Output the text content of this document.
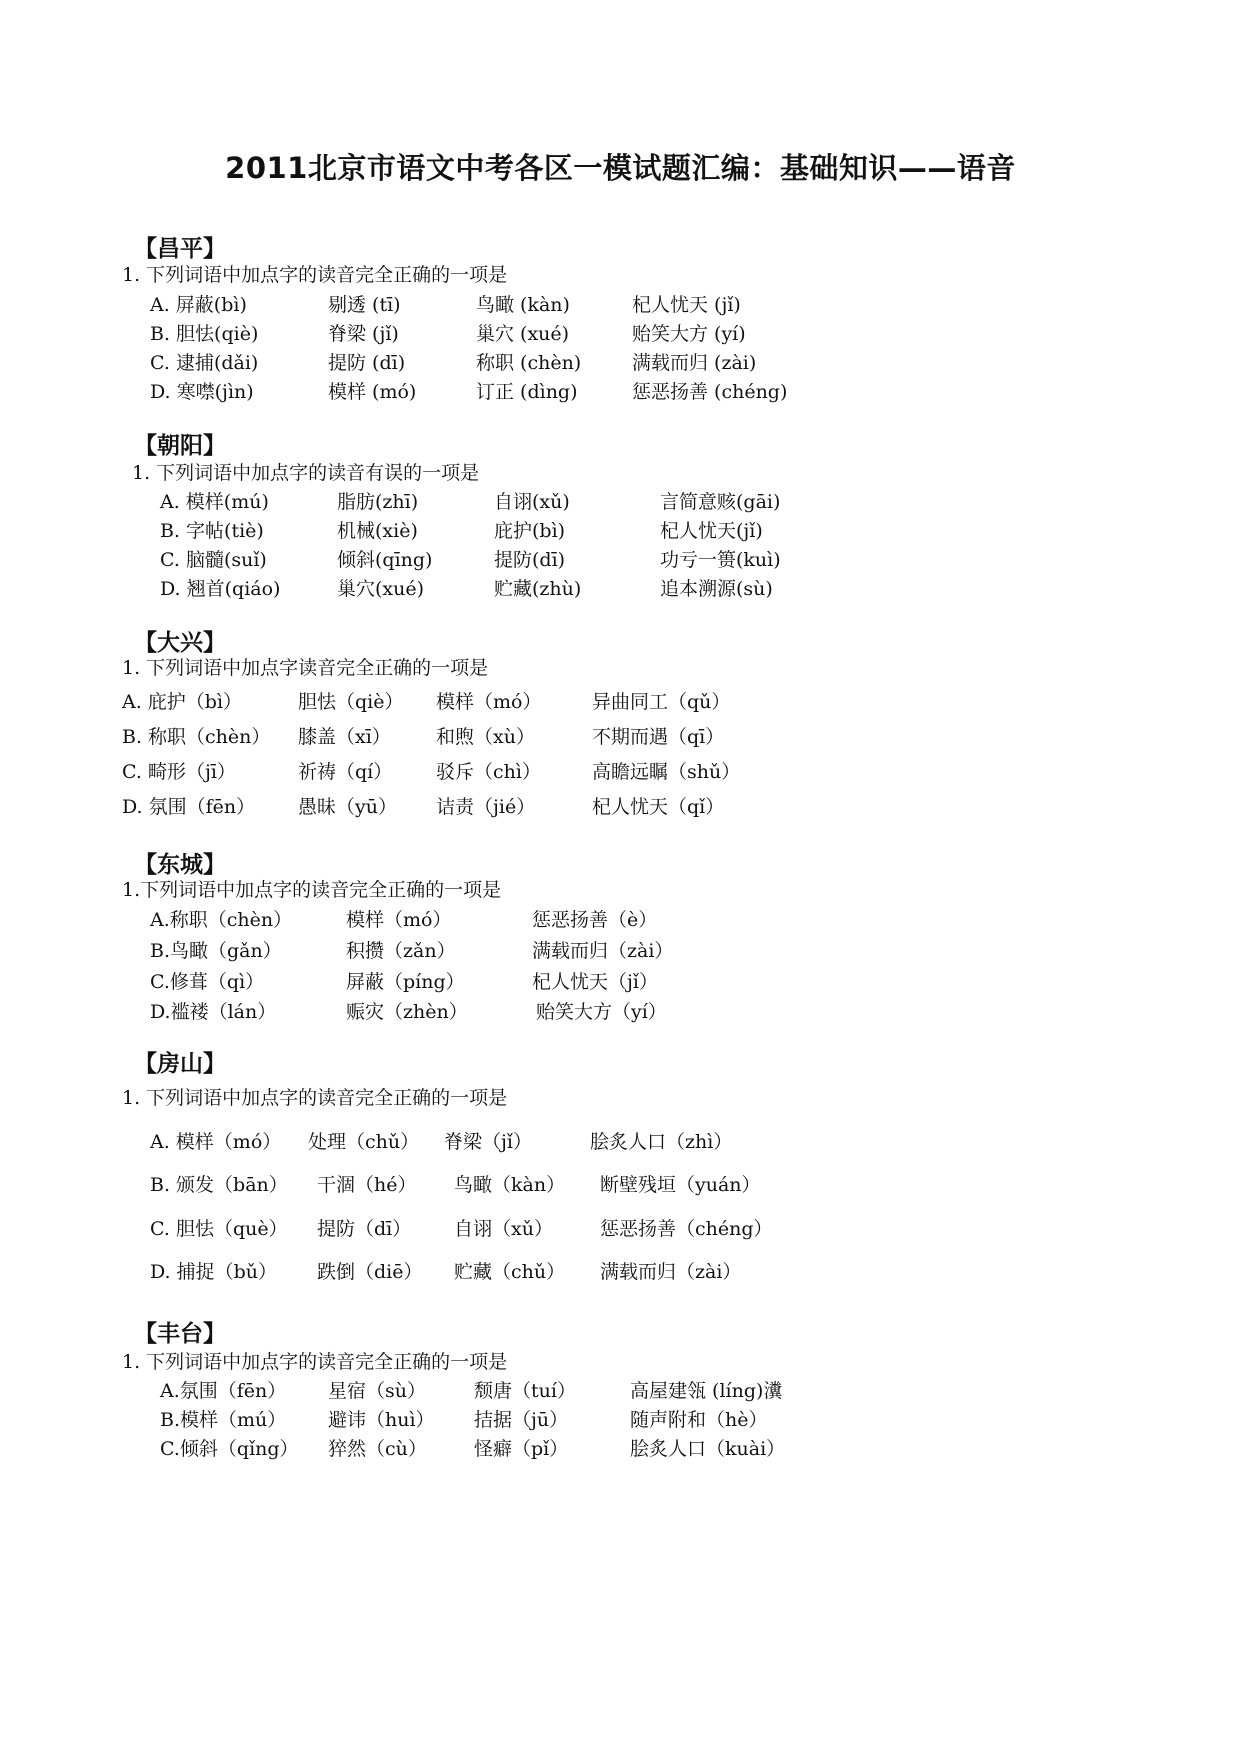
2011北京市语文中考各区一模试题汇编：基础知识——语音
【昌平】
1. 下列词语中加点字的读音完全正确的一项是
A. 屏蔽(bì)	剔透 (tī)	鸟瞰 (kàn)	杞人忧天 (jǐ)
B. 胆怯(qiè)	脊梁 (jǐ)	巢穴 (xué)	贻笑大方 (yí)
C. 逮捕(dǎi)	提防 (dī)	称职 (chèn)	满载而归 (zài)
D. 寒噤(jìn)	模样 (mó)	订正 (dìng)	惩恶扬善 (chéng)
【朝阳】
1. 下列词语中加点字的读音有误的一项是
A. 模样(mú)	脂肪(zhī)	自诩(xǔ)	言简意赅(gāi)
B. 字帖(tiè)	机械(xiè)	庇护(bì)	杞人忧天(jǐ)
C. 脑髓(suǐ)	倾斜(qīng)	提防(dī)	功亏一篑(kuì)
D. 翘首(qiáo)	巢穴(xué)	贮藏(zhù)	追本溯源(sù)
【大兴】
1. 下列词语中加点字读音完全正确的一项是
A. 庇护（bì）	胆怯（qiè） 模样（mó）	异曲同工（qǔ）
B. 称职（chèn） 膝盖（xī） 和煦（xù）	不期而遇（qī）
C. 畸形（jī）	祈祷（qí） 驳斥（chì）	高瞻远瞩（shǔ）
D. 氛围（fēn） 愚昧（yū） 诘责（jié）	杞人忧天（qǐ）
【东城】
1.下列词语中加点字的读音完全正确的一项是
A.称职（chèn）	模样（mó）	惩恶扬善（è）
B.鸟瞰（gǎn）	积攒（zǎn）	满载而归（zài）
C.修葺（qì）	屏蔽（píng）	杞人忧天（jǐ）
D.褴褛（lán）	赈灾（zhèn）	贻笑大方（yí）
【房山】
1. 下列词语中加点字的读音完全正确的一项是
A. 模样（mó） 处理（chǔ） 脊梁（jǐ）	脍炙人口（zhì）
B. 颁发（bān） 干涸（hé） 鸟瞰（kàn） 断壁残垣（yuán）
C. 胆怯（què） 提防（dī） 自诩（xǔ） 惩恶扬善（chéng）
D. 捕捉（bǔ） 跌倒（diē） 贮藏（chǔ） 满载而归（zài）
【丰台】
1. 下列词语中加点字的读音完全正确的一项是
A.氛围（fēn） 星宿（sù）	颓唐（tuí）	高屋建瓴 (líng)瀵
B.模样（mú） 避讳（huì） 拮据（jū）	随声附和（hè）
C.倾斜（qǐng） 猝然（cù） 怪癖（pǐ）	脍炙人口（kuài）
